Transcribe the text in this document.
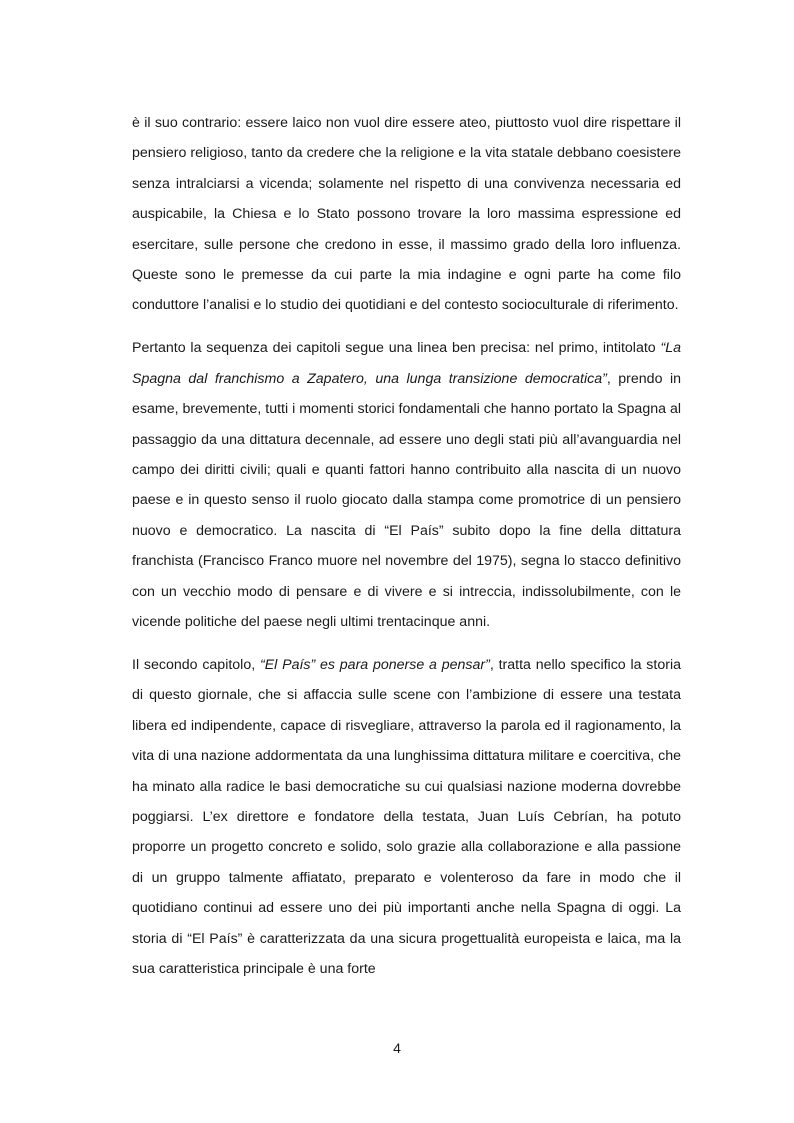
è il suo contrario: essere laico non vuol dire essere ateo, piuttosto vuol dire rispettare il pensiero religioso, tanto da credere che la religione e la vita statale debbano coesistere senza intralciarsi a vicenda; solamente nel rispetto di una convivenza necessaria ed auspicabile, la Chiesa e lo Stato possono trovare la loro massima espressione ed esercitare, sulle persone che credono in esse, il massimo grado della loro influenza. Queste sono le premesse da cui parte la mia indagine e ogni parte ha come filo conduttore l’analisi e lo studio dei quotidiani e del contesto socioculturale di riferimento.

Pertanto la sequenza dei capitoli segue una linea ben precisa: nel primo, intitolato “La Spagna dal franchismo a Zapatero, una lunga transizione democratica”, prendo in esame, brevemente, tutti i momenti storici fondamentali che hanno portato la Spagna al passaggio da una dittatura decennale, ad essere uno degli stati più all’avanguardia nel campo dei diritti civili; quali e quanti fattori hanno contribuito alla nascita di un nuovo paese e in questo senso il ruolo giocato dalla stampa come promotrice di un pensiero nuovo e democratico. La nascita di “El País” subito dopo la fine della dittatura franchista (Francisco Franco muore nel novembre del 1975), segna lo stacco definitivo con un vecchio modo di pensare e di vivere e si intreccia, indissolubilmente, con le vicende politiche del paese negli ultimi trentacinque anni.

Il secondo capitolo, “El País” es para ponerse a pensar”, tratta nello specifico la storia di questo giornale, che si affaccia sulle scene con l’ambizione di essere una testata libera ed indipendente, capace di risvegliare, attraverso la parola ed il ragionamento, la vita di una nazione addormentata da una lunghissima dittatura militare e coercitiva, che ha minato alla radice le basi democratiche su cui qualsiasi nazione moderna dovrebbe poggiarsi. L’ex direttore e fondatore della testata, Juan Luís Cebrían, ha potuto proporre un progetto concreto e solido, solo grazie alla collaborazione e alla passione di un gruppo talmente affiatato, preparato e volenteroso da fare in modo che il quotidiano continui ad essere uno dei più importanti anche nella Spagna di oggi. La storia di “El País” è caratterizzata da una sicura progettualità europeista e laica, ma la sua caratteristica principale è una forte

4
